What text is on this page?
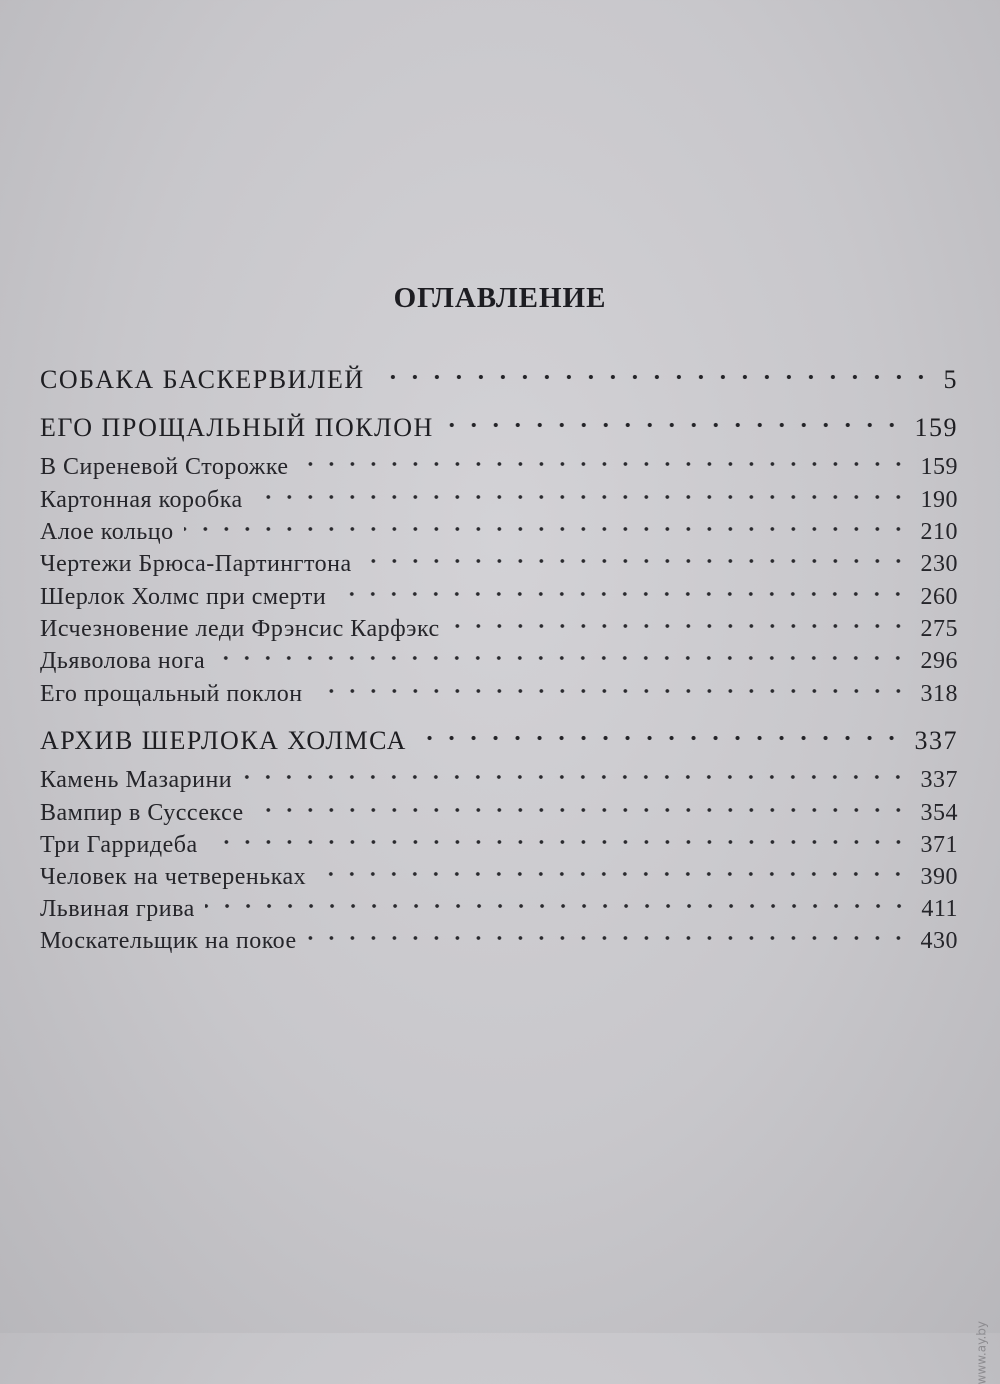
ОГЛАВЛЕНИЕ
СОБАКА БАСКЕРВИЛЕЙ	5
ЕГО ПРОЩАЛЬНЫЙ ПОКЛОН	159
В Сиреневой Сторожке	159
Картонная коробка	190
Алое кольцо	210
Чертежи Брюса-Партингтона	230
Шерлок Холмс при смерти	260
Исчезновение леди Фрэнсис Карфэкс	275
Дьяволова нога	296
Его прощальный поклон	318
АРХИВ ШЕРЛОКА ХОЛМСА	337
Камень Мазарини	337
Вампир в Суссексе	354
Три Гарридеба	371
Человек на четвереньках	390
Львиная грива	411
Москательщик на покое	430
www.ay.by
